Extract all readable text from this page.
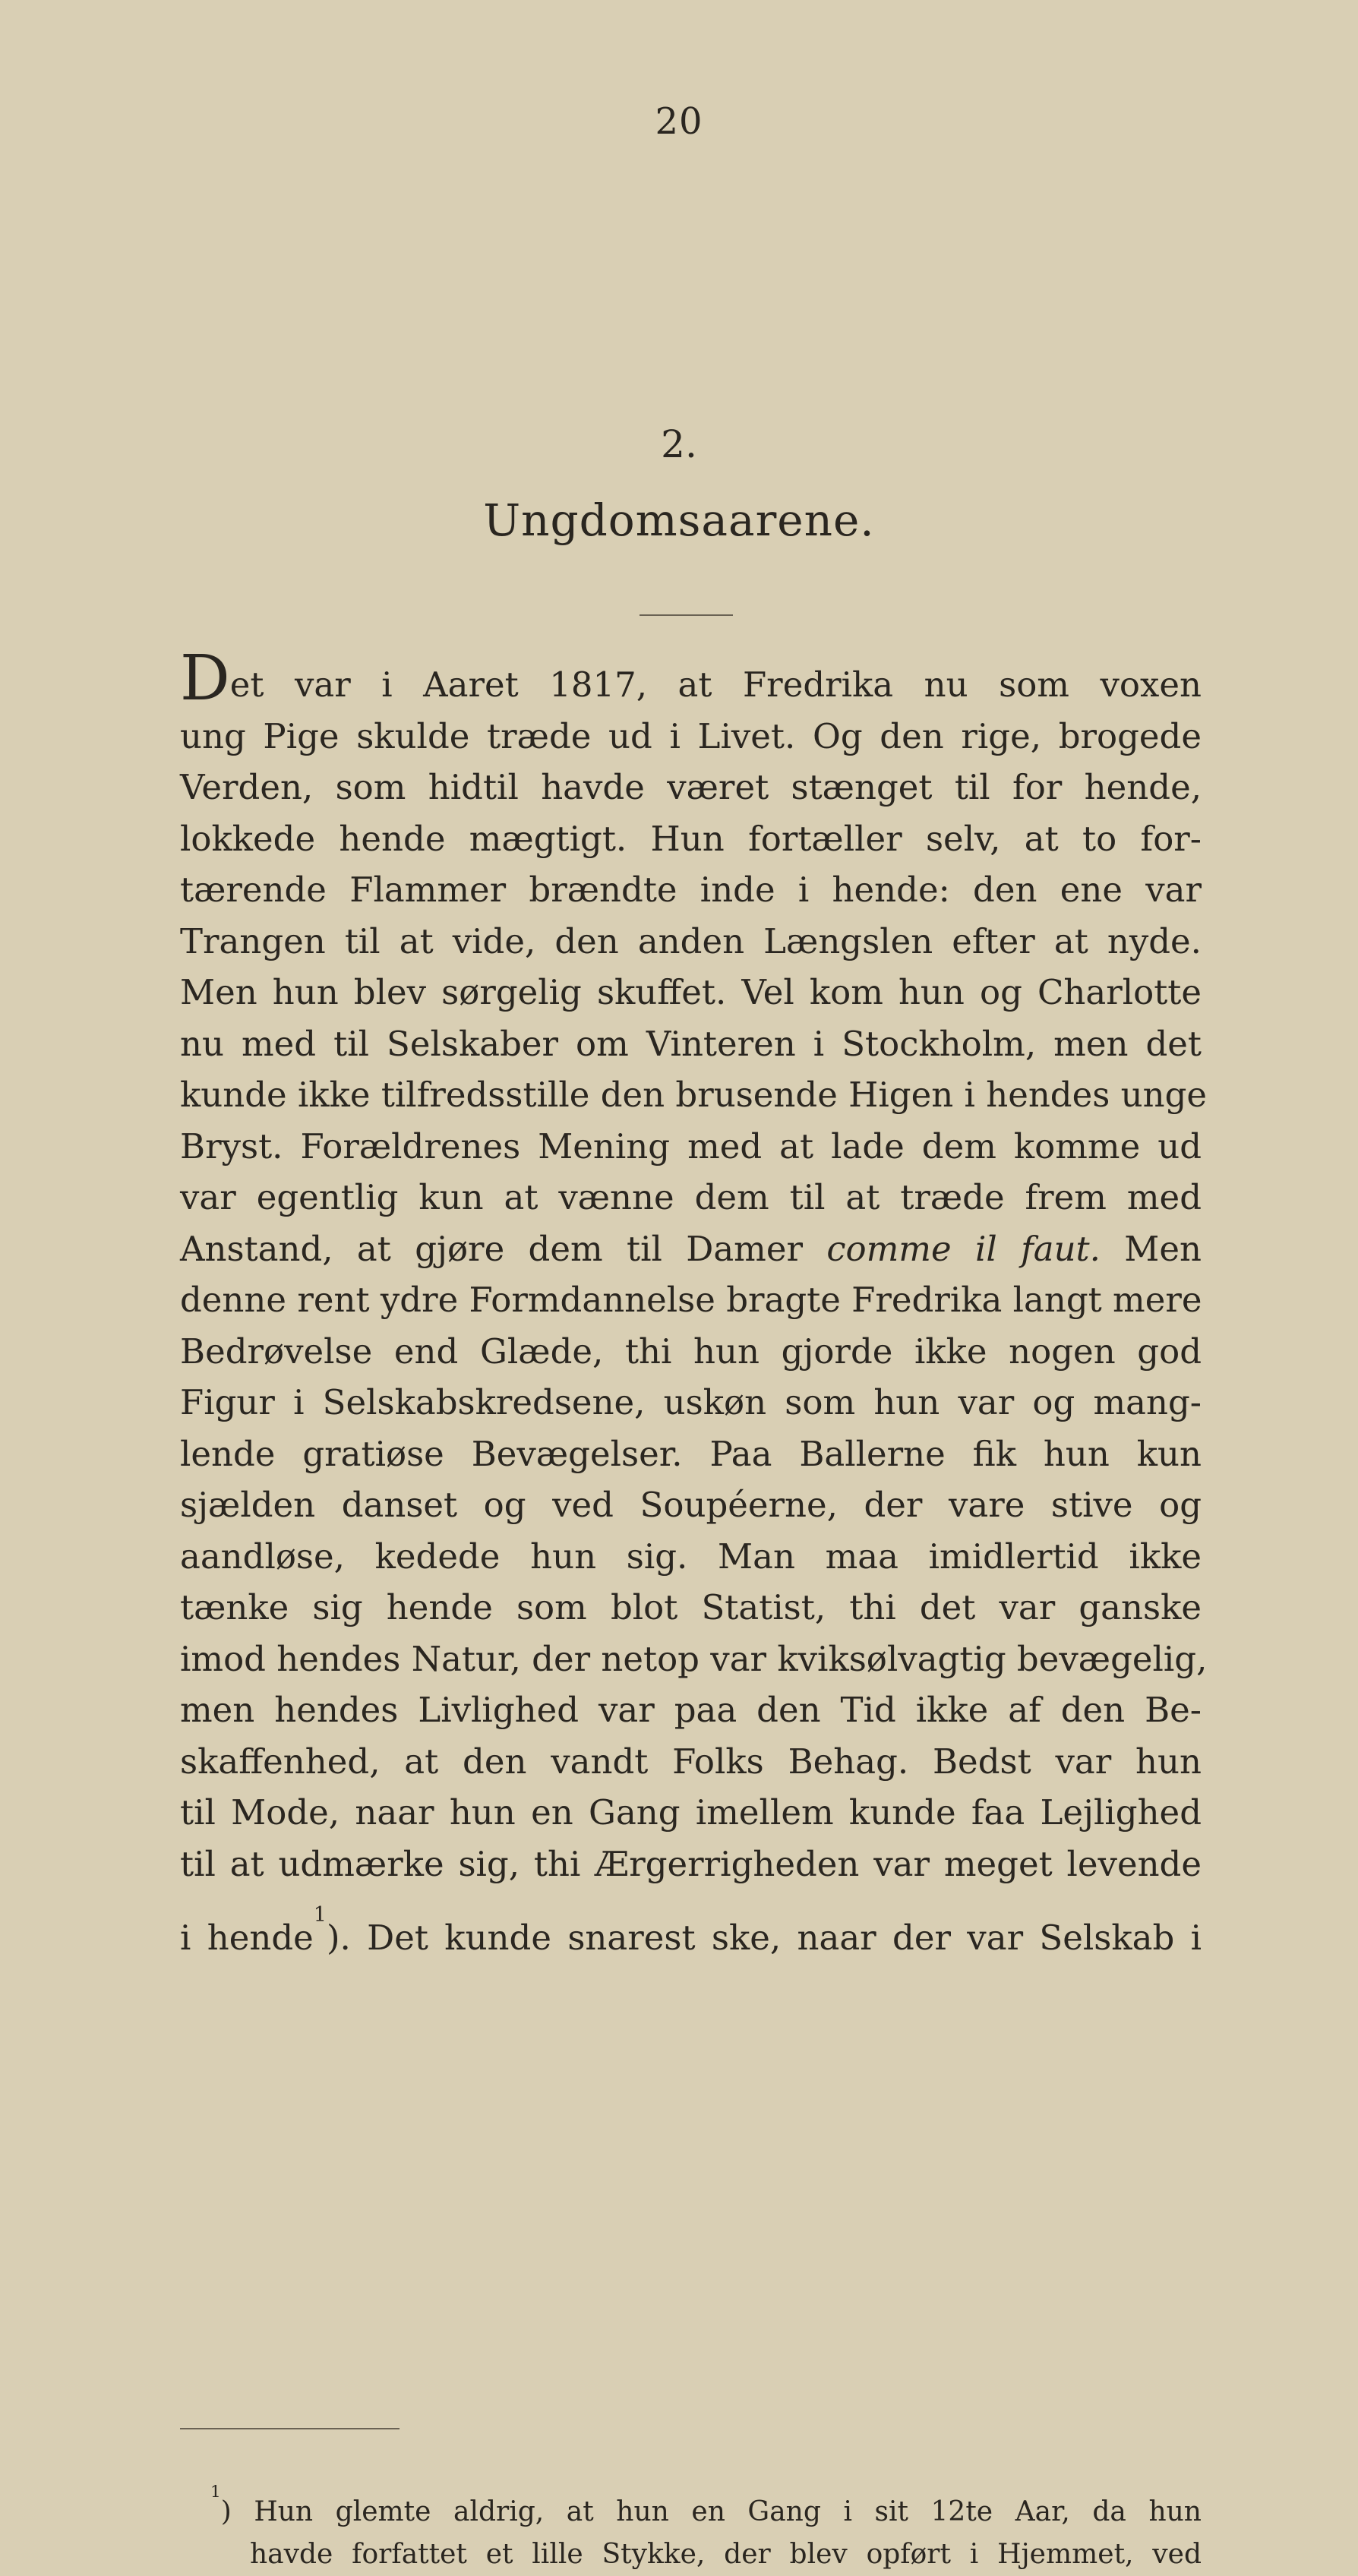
20
2.
Ungdomsaarene.
Det var i Aaret 1817, at Fredrika nu som voxen
ung Pige skulde træde ud i Livet. Og den rige, brogede
Verden, som hidtil havde været stænget til for hende,
lokkede hende mægtigt. Hun fortæller selv, at to for-
tærende Flammer brændte inde i hende: den ene var
Trangen til at vide, den anden Længslen efter at nyde.
Men hun blev sørgelig skuffet. Vel kom hun og Charlotte
nu med til Selskaber om Vinteren i Stockholm, men det
kunde ikke tilfredsstille den brusende Higen i hendes unge
Bryst. Forældrenes Mening med at lade dem komme ud
var egentlig kun at vænne dem til at træde frem med
Anstand, at gjøre dem til Damer comme il faut. Men
denne rent ydre Formdannelse bragte Fredrika langt mere
Bedrøvelse end Glæde, thi hun gjorde ikke nogen god
Figur i Selskabskredsene, uskøn som hun var og mang-
lende gratiøse Bevægelser. Paa Ballerne fik hun kun
sjælden danset og ved Soupéerne, der vare stive og
aandløse, kedede hun sig. Man maa imidlertid ikke
tænke sig hende som blot Statist, thi det var ganske
imod hendes Natur, der netop var kviksølvagtig bevægelig,
men hendes Livlighed var paa den Tid ikke af den Be-
skaffenhed, at den vandt Folks Behag. Bedst var hun
til Mode, naar hun en Gang imellem kunde faa Lejlighed
til at udmærke sig, thi Ærgerrigheden var meget levende
i hende$^1$). Det kunde snarest ske, naar der var Selskab i
$^1$) Hun glemte aldrig, at hun en Gang i sit 12te Aar, da hun
havde forfattet et lille Stykke, der blev opført i Hjemmet, ved
